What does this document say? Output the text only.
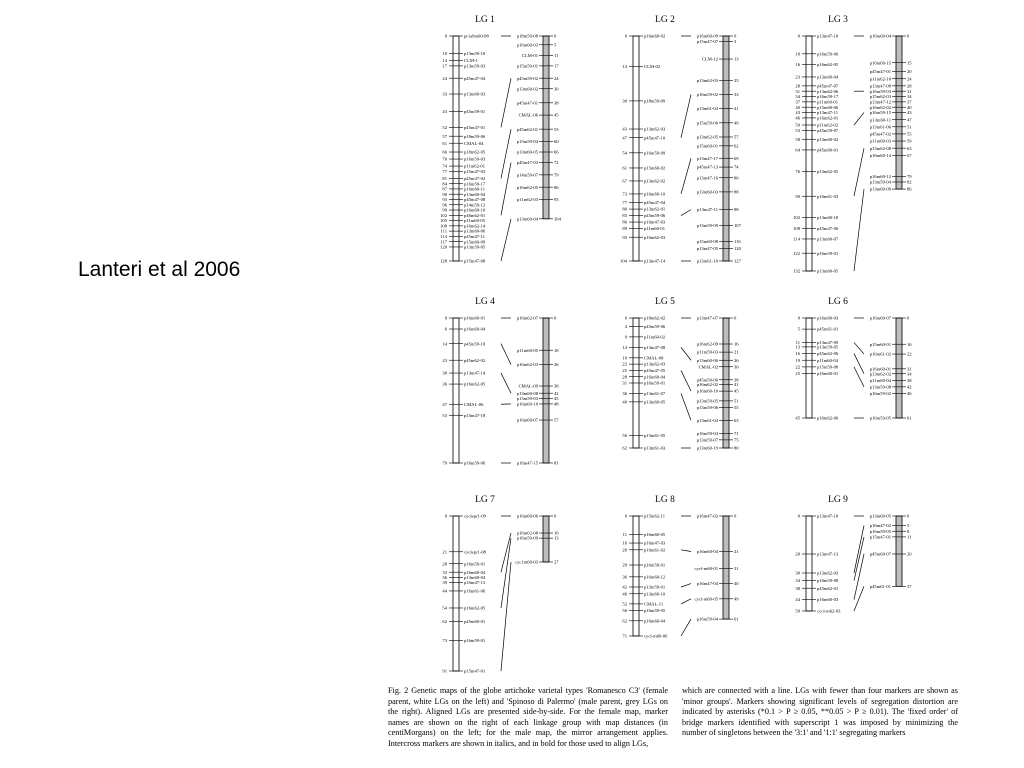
Lanteri et al 2006
LG 1
0	pr1a9m60-08
10	p13m59-10
14	CLM-1
17	p13m59-03
24	p45m47-04
33	p13m60-03
43	p45m59-01
52	p45m47-01
57	p18m59-06
61	CMAL-04
66	p18m62-05
70	p16m59-03
74	p11m62-01
77	p15m47-03
81	p45m47-02
84	p16m59-17
87	p16m60-11
90	p13m60-04
93	p45m47-08
96	p14m59-12
99	p16m60-10
102	p46m62-01
105	p11m60-05
108	p16m62-14
111	p13m60-06
114	p45m47-11
117	p15m60-09
120	p13m59-05
128	p15m47-08
p18m59-08	0
p16m60-03	5
CLM-01	11
p15m59-01	17
p45m59-02	24
p13m60-02	30
p45m47-01	38
CMAL-06	45
p45m62-01	53
p15m59-04	60
p13m60-05	66
p45m47-03	72
p14m59-07	79
p16m62-05	86
p11m62-03	93
p13m60-04	104
LG 2
0	p16m60-02
14	CLM-02
30	p18m59-09
43	p13m62-03
47	p45m47-10
54	p16m59-09
61	p15m60-02
67	p13m62-02
73	p16m60-10
77	p45m47-04
80	p13m62-01
83	p45m59-06
86	p16m47-03
89	p11m60-01
93	p16m62-03
104	p13m47-14
p16m60-09	0
p15m47-07	3
CLM-12	13
p13m62-03	25
p16m59-02	33
p13m61-04	41
p15m59-06	49
p13m62-05	57
p15m60-01	62
p13m47-17	69
p45m47-13	74
p13m47-16	80
p13m60-03	88
p13m47-11	98
p13m59-09	107
p15m60-08	116
p13m47-05	120
p13m61-10	127
LG 3
0	p13m47-10
10	p16m59-06
16	p16m62-05
23	p13m60-04
28	p45m47-07
31	p13m62-06
34	p16m59-17
37	p11m60-01
40	p15m60-06
43	p13m47-11
46	p16m62-01
50	p11m62-02
53	p45m59-07
58	p13m60-02
64	p45m60-01
76	p13m62-05
90	p16m61-03
102	p13m60-10
108	p45m47-06
114	p13m60-07
122	p16m59-01
132	p13m60-05
p16m60-04	0
p16m60-15	15
p45m47-01	20
p11m62-10	24
p13m47-08	28
p16m59-03	31
p15m62-03	34
p13m47-12	37
p16m62-02	40
p16m59-15	43
p13m60-11	47
p13m61-06	51
p45m47-02	55
p11m60-03	59
p13m62-08	63
p16m60-14	67
p16m60-12	79
p13m59-04	82
p13m60-09	86
LG 4
0	p16m60-01
6	p16m60-04
14	p45m59-10
23	p45m62-02
30	p13m47-14
36	p16m62-05
47	CMAL-06
53	p13m47-18
79	p16m59-06
p16m62-07	0
p11m60-05	18
p16m62-03	26
CMAL-09	38
p13m60-08	42
p13m59-03	45
p16m60-10	48
p16m60-07	57
p16m47-15	81
LG 5
0	p18m62-02
4	p45m59-06
9	p11m60-02
14	p13m47-08
19	CMAL-08
22	p13m62-03
25	p45m47-05
28	p16m60-04
31	p16m59-01
36	p13m61-07
40	p13m60-05
56	p15m61-05
62	p13m61-03
p13m47-07	0
p16m62-09	16
p11m59-03	21
p13m60-06	26
CMAL-02	30
p45m59-06	38
p16m62-02	41
p16m60-10	45
p13m59-05	51
p13m59-06	55
p13m61-04	63
p16m59-04	71
p13m59-07	75
p13m60-19	80
LG 6
0	p16m60-03
5	p45m61-01
11	p13m47-09
13	p13m59-05
16	p45m62-06
19	p11m60-04
22	p15m59-08
25	p16m60-01
45	p16m62-06
p16m60-07	0
p15m60-01	16
p16m61-02	22
p16m60-01	31
p13m62-02	34
p11m60-04	38
p13m59-08	42
p16m59-02	46
p16m59-05	61
LG 7
0	cyclepr1-09
21	cyclepr1-08
28	p16m59-01
33	p16m60-04
36	p13m60-04
39	p16m47-13
44	p16m61-06
54	p16m62-05
62	p45m60-01
73	p16m59-01
91	p15m47-01
p16m60-06	0
p16m62-08	10
p16m59-09	13
cyc1m60-03	27
LG 8
0	p15m62-11
11	p16m60-05
16	p16m47-03
20	p16m61-02
29	p16m59-01
36	p16m60-12
42	p13m59-01
46	p13m60-10
52	CMAL-11
56	p16m59-05
62	p16m60-04
71	cycl-m60-06
p16m47-02	0
p16m60-04	21
cycl-m60-01	31
p16m47-04	40
cycl-m60-05	49
p16m59-04	61
LG 9
0	p13m47-10
20	p13m47-13
30	p13m62-03
34	p16m59-08
38	p45m62-01
44	p16m60-03
50	cycl-m62-03
p13m60-05	0
p16m47-02	5
p16m59-05	8
p15m47-01	11
p45m60-07	20
p45m61-01	37
Fig. 2 Genetic maps of the globe artichoke varietal types 'Romanesco C3' (female parent, white LGs on the left) and 'Spinoso di Palermo' (male parent, grey LGs on the right). Aligned LGs are presented side-by-side. For the female map, marker names are shown on the right of each linkage group with map distances (in centiMorgans) on the left; for the male map, the mirror arrangement applies. Intercross markers are shown in italics, and in bold for those used to align LGs,
which are connected with a line. LGs with fewer than four markers are shown as 'minor groups'. Markers showing significant levels of segregation distortion are indicated by asterisks (*0.1 > P ≥ 0.05, **0.05 > P ≥ 0.01). The 'fixed order' of bridge markers identified with superscript 1 was imposed by minimizing the number of singletons between the '3:1' and '1:1' segregating markers
